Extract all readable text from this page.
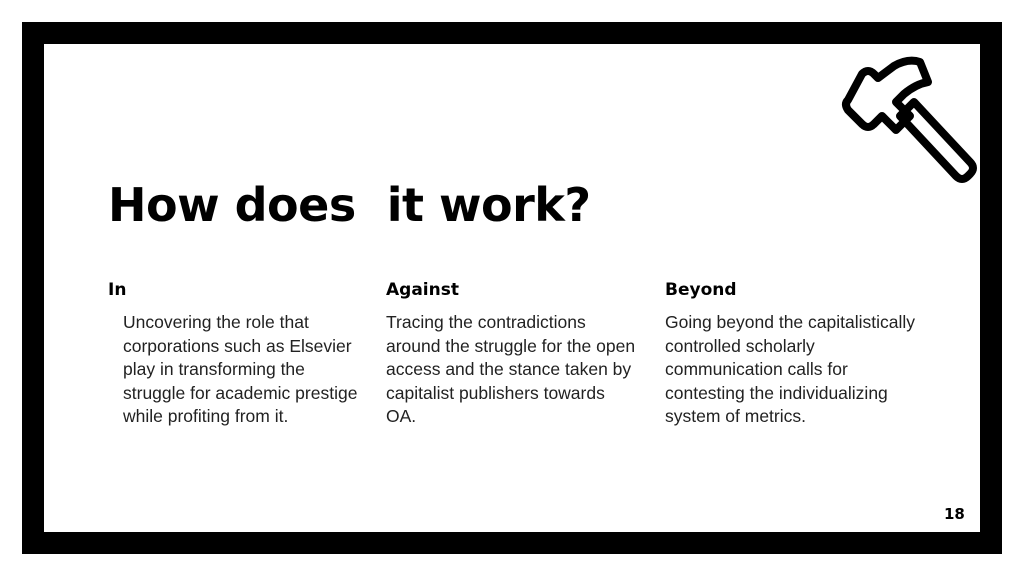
How does  it work?
In

Uncovering the role that corporations such as Elsevier play in transforming the struggle for academic prestige while profiting from it.

Against

Tracing the contradictions around the struggle for the open access and the stance taken by capitalist publishers towards OA.

Beyond

Going beyond the capitalistically controlled scholarly communication calls for contesting the individualizing system of metrics.

18
